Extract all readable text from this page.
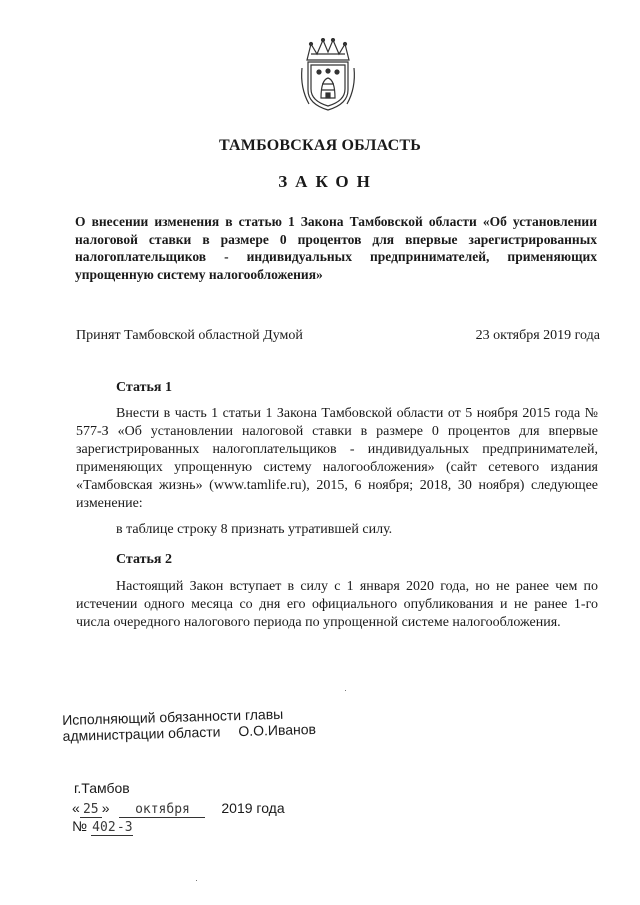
ТАМБОВСКАЯ ОБЛАСТЬ
ЗАКОН
О внесении изменения в статью 1 Закона Тамбовской области «Об установлении налоговой ставки в размере 0 процентов для впервые зарегистрированных налогоплательщиков - индивидуальных предпринимателей, применяющих упрощенную систему налогообложения»
Принят Тамбовской областной Думой	23 октября 2019 года
Статья 1

Внести в часть 1 статьи 1 Закона Тамбовской области от 5 ноября 2015 года № 577-З «Об установлении налоговой ставки в размере 0 процентов для впервые зарегистрированных налогоплательщиков - индивидуальных предпринимателей, применяющих упрощенную систему налогообложения» (сайт сетевого издания «Тамбовская жизнь» (www.tamlife.ru), 2015, 6 ноября; 2018, 30 ноября) следующее изменение:

в таблице строку 8 признать утратившей силу.

Статья 2

Настоящий Закон вступает в силу с 1 января 2020 года, но не ранее чем по истечении одного месяца со дня его официального опубликования и не ранее 1-го числа очередного налогового периода по упрощенной системе налогообложения.

Исполняющий обязанности главы
администрации области О.О.Иванов
г.Тамбов
« 25 » октября 2019 года
№ 402-З
